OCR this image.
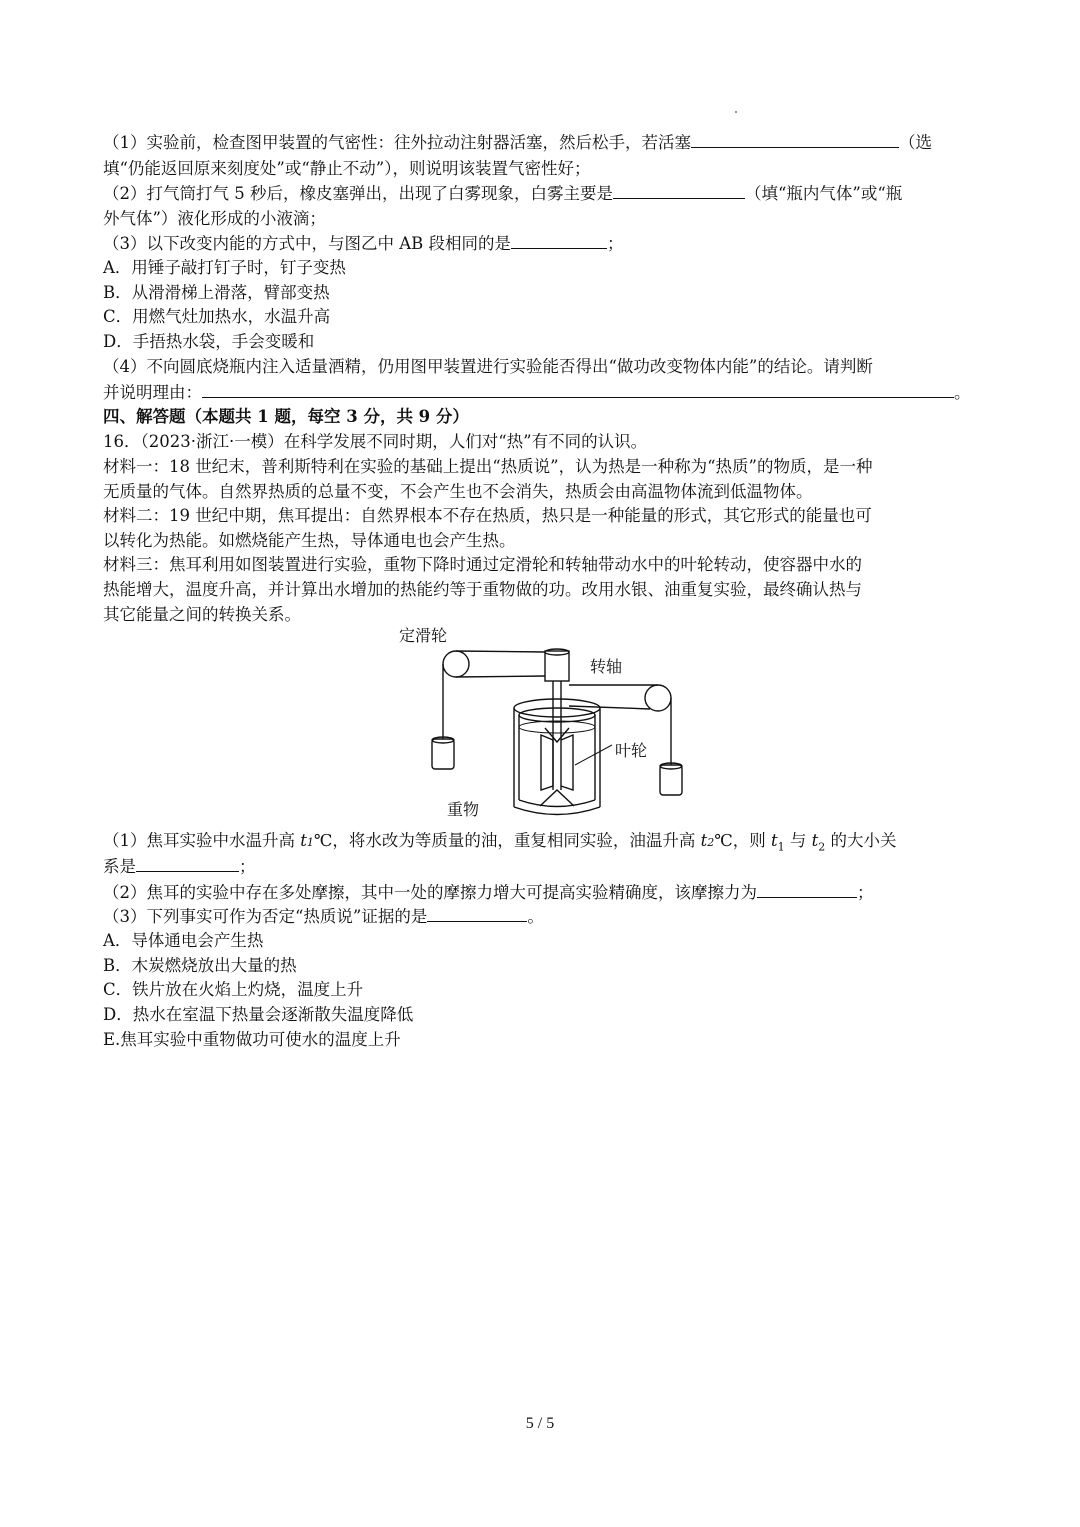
（1）实验前，检查图甲装置的气密性：往外拉动注射器活塞，然后松手，若活塞	（选
填“仍能返回原来刻度处”或“静止不动”），则说明该装置气密性好；
（2）打气筒打气 5 秒后，橡皮塞弹出，出现了白雾现象，白雾主要是	（填“瓶内气体”或“瓶
外气体”）液化形成的小液滴；
（3）以下改变内能的方式中，与图乙中 AB 段相同的是	；
A．用锤子敲打钉子时，钉子变热
B．从滑滑梯上滑落，臂部变热
C．用燃气灶加热水，水温升高
D．手捂热水袋，手会变暖和
（4）不向圆底烧瓶内注入适量酒精，仍用图甲装置进行实验能否得出“做功改变物体内能”的结论。请判断
并说明理由：	。
四、解答题（本题共 1 题，每空 3 分，共 9 分）
16．（2023·浙江·一模）在科学发展不同时期，人们对“热”有不同的认识。
材料一：18 世纪末，普利斯特利在实验的基础上提出“热质说”，认为热是一种称为“热质”的物质，是一种
无质量的气体。自然界热质的总量不变，不会产生也不会消失，热质会由高温物体流到低温物体。
材料二：19 世纪中期，焦耳提出：自然界根本不存在热质，热只是一种能量的形式，其它形式的能量也可
以转化为热能。如燃烧能产生热，导体通电也会产生热。
材料三：焦耳利用如图装置进行实验，重物下降时通过定滑轮和转轴带动水中的叶轮转动，使容器中水的
热能增大，温度升高，并计算出水增加的热能约等于重物做的功。改用水银、油重复实验，最终确认热与
其它能量之间的转换关系。
定滑轮
转轴
叶轮
重物
（1）焦耳实验中水温升高 t1℃，将水改为等质量的油，重复相同实验，油温升高 t2℃，则 $t_1$ 与 $t_2$ 的大小关
系是	；
（2）焦耳的实验中存在多处摩擦，其中一处的摩擦力增大可提高实验精确度，该摩擦力为	；
（3）下列事实可作为否定“热质说”证据的是	。
A．导体通电会产生热
B．木炭燃烧放出大量的热
C．铁片放在火焰上灼烧，温度上升
D．热水在室温下热量会逐渐散失温度降低
E.焦耳实验中重物做功可使水的温度上升
5 / 5
